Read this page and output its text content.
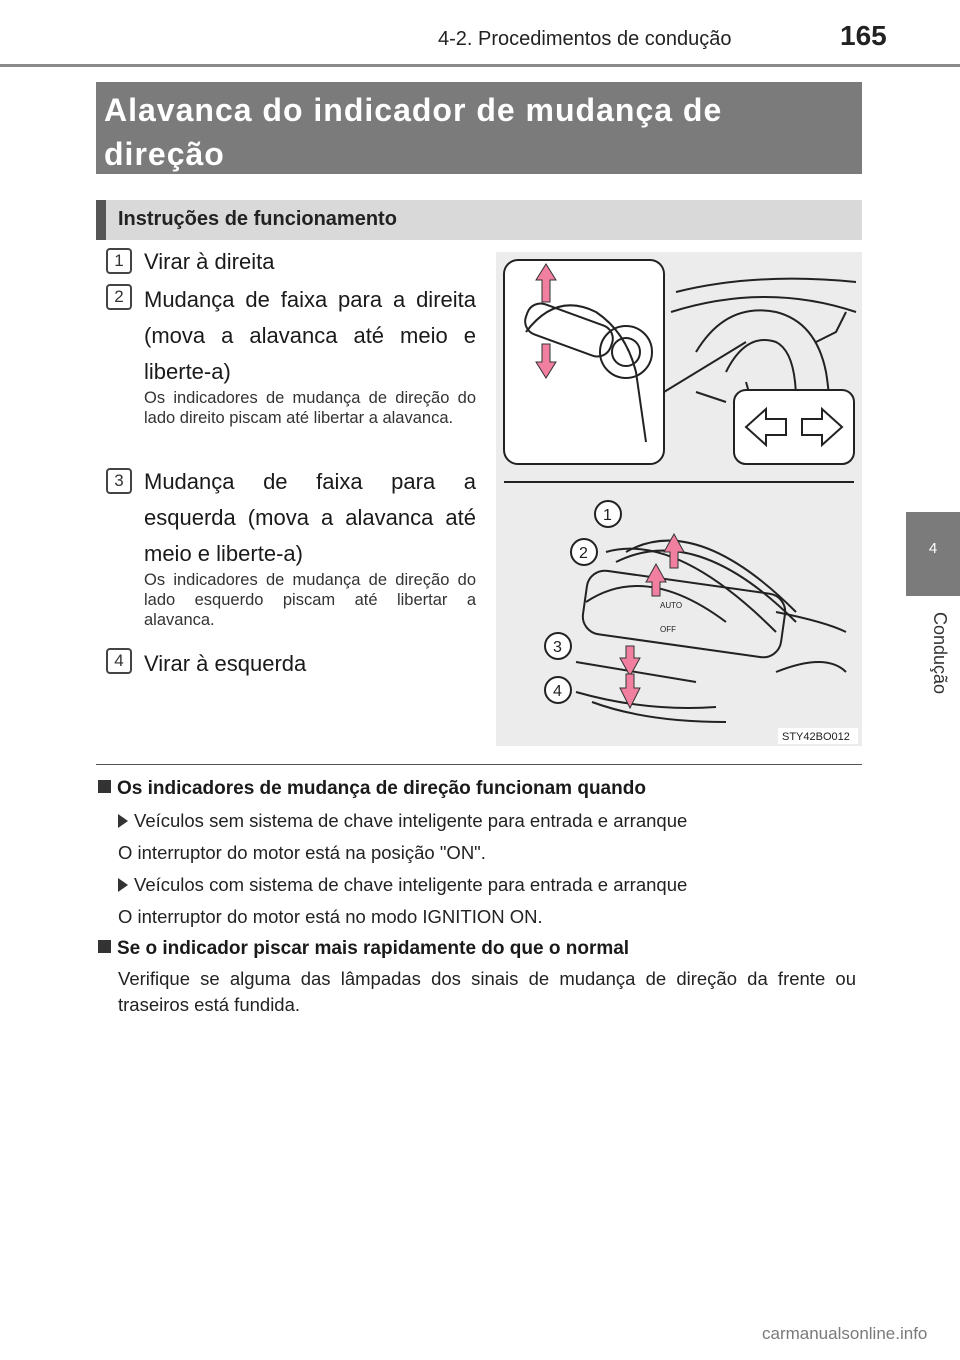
4-2. Procedimentos de condução	165
Alavanca do indicador de mudança de direção
Instruções de funcionamento
1 Virar à direita
2 Mudança de faixa para a direita (mova a alavanca até meio e liberte-a)
Os indicadores de mudança de direção do lado direito piscam até libertar a alavanca.
3 Mudança de faixa para a esquerda (mova a alavanca até meio e liberte-a)
Os indicadores de mudança de direção do lado esquerdo piscam até libertar a alavanca.
4 Virar à esquerda
AUTO
OFF
1
2
3
4
STY42BO012
Os indicadores de mudança de direção funcionam quando
Veículos sem sistema de chave inteligente para entrada e arranque
O interruptor do motor está na posição "ON".
Veículos com sistema de chave inteligente para entrada e arranque
O interruptor do motor está no modo IGNITION ON.
Se o indicador piscar mais rapidamente do que o normal
Verifique se alguma das lâmpadas dos sinais de mudança de direção da frente ou traseiros está fundida.
4
Condução
carmanualsonline.info
